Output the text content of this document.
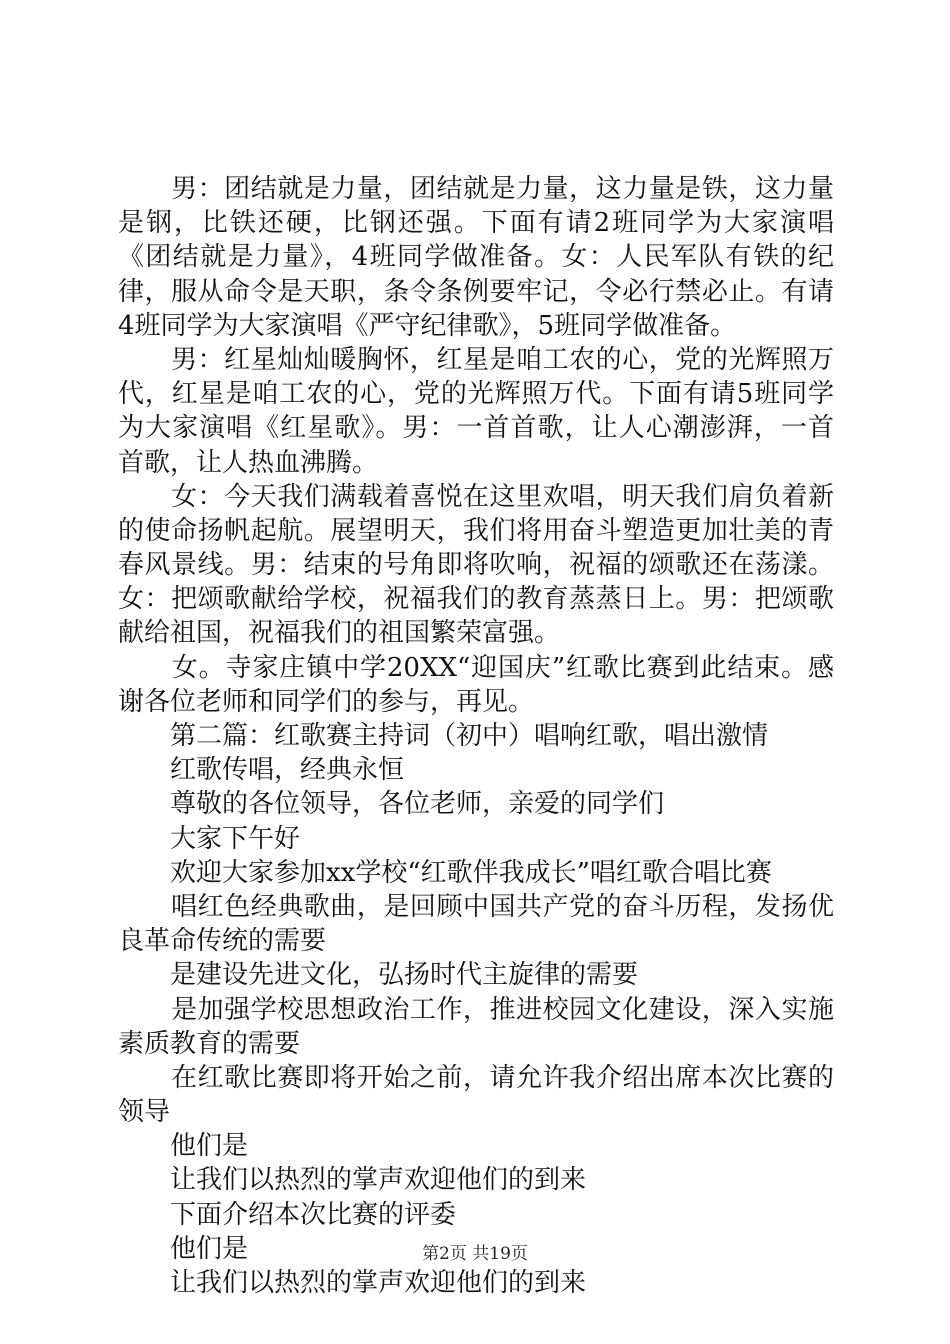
　　男：团结就是力量，团结就是力量，这力量是铁，这力量
是钢，比铁还硬，比钢还强。下面有请2班同学为大家演唱
《团结就是力量》，4班同学做准备。女：人民军队有铁的纪
律，服从命令是天职，条令条例要牢记，令必行禁必止。有请
4班同学为大家演唱《严守纪律歌》，5班同学做准备。
　　男：红星灿灿暖胸怀，红星是咱工农的心，党的光辉照万
代，红星是咱工农的心，党的光辉照万代。下面有请5班同学
为大家演唱《红星歌》。男：一首首歌，让人心潮澎湃，一首
首歌，让人热血沸腾。
　　女：今天我们满载着喜悦在这里欢唱，明天我们肩负着新
的使命扬帆起航。展望明天，我们将用奋斗塑造更加壮美的青
春风景线。男：结束的号角即将吹响，祝福的颂歌还在荡漾。
女：把颂歌献给学校，祝福我们的教育蒸蒸日上。男：把颂歌
献给祖国，祝福我们的祖国繁荣富强。
　　女。寺家庄镇中学20XX“迎国庆”红歌比赛到此结束。感
谢各位老师和同学们的参与，再见。
　　第二篇：红歌赛主持词（初中）唱响红歌，唱出激情
　　红歌传唱，经典永恒
　　尊敬的各位领导，各位老师，亲爱的同学们
　　大家下午好
　　欢迎大家参加xx学校“红歌伴我成长”唱红歌合唱比赛
　　唱红色经典歌曲，是回顾中国共产党的奋斗历程，发扬优
良革命传统的需要
　　是建设先进文化，弘扬时代主旋律的需要
　　是加强学校思想政治工作，推进校园文化建设，深入实施
素质教育的需要
　　在红歌比赛即将开始之前，请允许我介绍出席本次比赛的
领导
　　他们是
　　让我们以热烈的掌声欢迎他们的到来
　　下面介绍本次比赛的评委
　　他们是
　　让我们以热烈的掌声欢迎他们的到来
第2页 共19页
